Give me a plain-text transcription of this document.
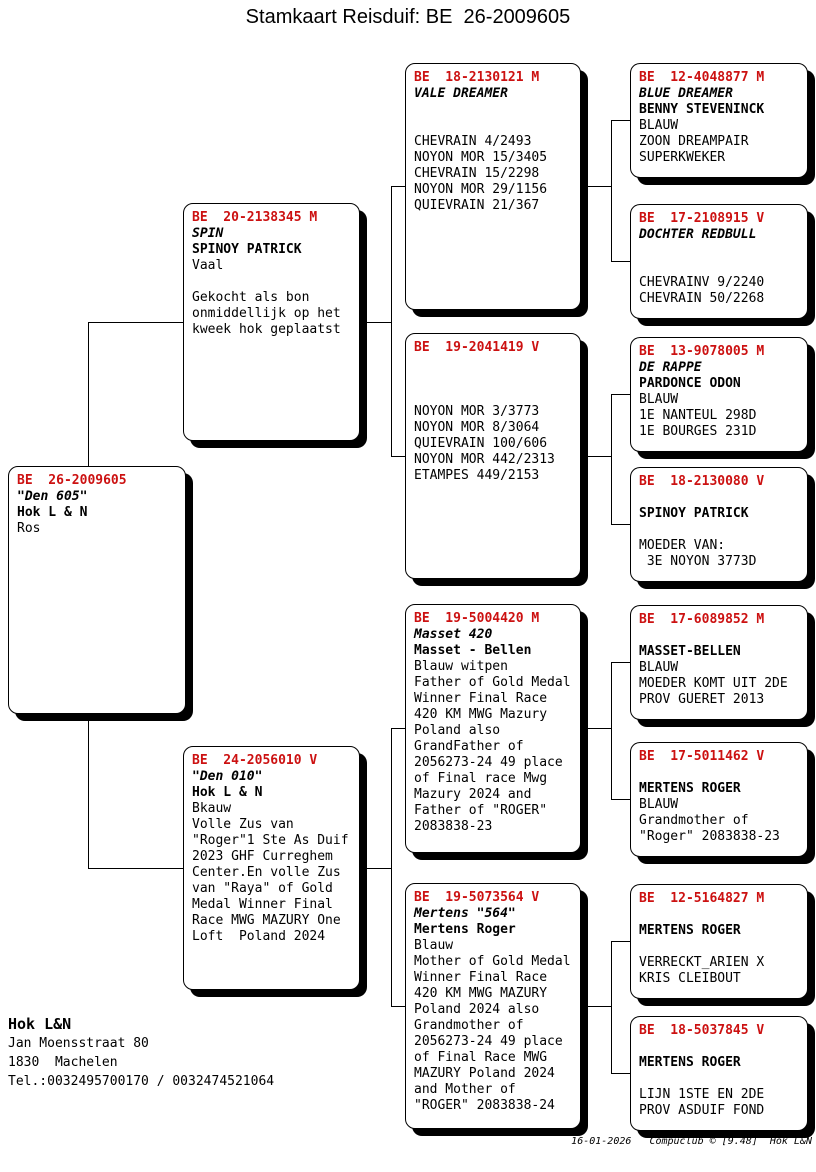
Stamkaart Reisduif: BE  26-2009605
BE  26-2009605
"Den 605"
Hok L & N
Ros
BE  20-2138345 M
SPIN
SPINOY PATRICK
Vaal

Gekocht als bon
onmiddellijk op het
kweek hok geplaatst
BE  24-2056010 V
"Den 010"
Hok L & N
Bkauw
Volle Zus van
"Roger"1 Ste As Duif
2023 GHF Curreghem
Center.En volle Zus
van "Raya" of Gold
Medal Winner Final
Race MWG MAZURY One
Loft  Poland 2024
BE  18-2130121 M
VALE DREAMER

CHEVRAIN 4/2493
NOYON MOR 15/3405
CHEVRAIN 15/2298
NOYON MOR 29/1156
QUIEVRAIN 21/367
BE  19-2041419 V

NOYON MOR 3/3773
NOYON MOR 8/3064
QUIEVRAIN 100/606
NOYON MOR 442/2313
ETAMPES 449/2153
BE  19-5004420 M
Masset 420
Masset - Bellen
Blauw witpen
Father of Gold Medal
Winner Final Race
420 KM MWG Mazury
Poland also
GrandFather of
2056273-24 49 place
of Final race Mwg
Mazury 2024 and
Father of "ROGER"
2083838-23
BE  19-5073564 V
Mertens "564"
Mertens Roger
Blauw
Mother of Gold Medal
Winner Final Race
420 KM MWG MAZURY
Poland 2024 also
Grandmother of
2056273-24 49 place
of Final Race MWG
MAZURY Poland 2024
and Mother of
"ROGER" 2083838-24
BE  12-4048877 M
BLUE DREAMER
BENNY STEVENINCK
BLAUW
ZOON DREAMPAIR
SUPERKWEKER
BE  17-2108915 V
DOCHTER REDBULL

CHEVRAINV 9/2240
CHEVRAIN 50/2268
BE  13-9078005 M
DE RAPPE
PARDONCE ODON
BLAUW
1E NANTEUL 298D
1E BOURGES 231D
BE  18-2130080 V
SPINOY PATRICK

MOEDER VAN:
3E NOYON 3773D
BE  17-6089852 M
MASSET-BELLEN
BLAUW
MOEDER KOMT UIT 2DE
PROV GUERET 2013
BE  17-5011462 V
MERTENS ROGER
BLAUW
Grandmother of
"Roger" 2083838-23
BE  12-5164827 M
MERTENS ROGER

VERRECKT_ARIEN X
KRIS CLEIBOUT
BE  18-5037845 V
MERTENS ROGER

LIJN 1STE EN 2DE
PROV ASDUIF FOND
Hok L&N
Jan Moensstraat 80
1830  Machelen
Tel.:0032495700170 / 0032474521064
16-01-2026   Compuclub © [9.48]  Hok L&N
